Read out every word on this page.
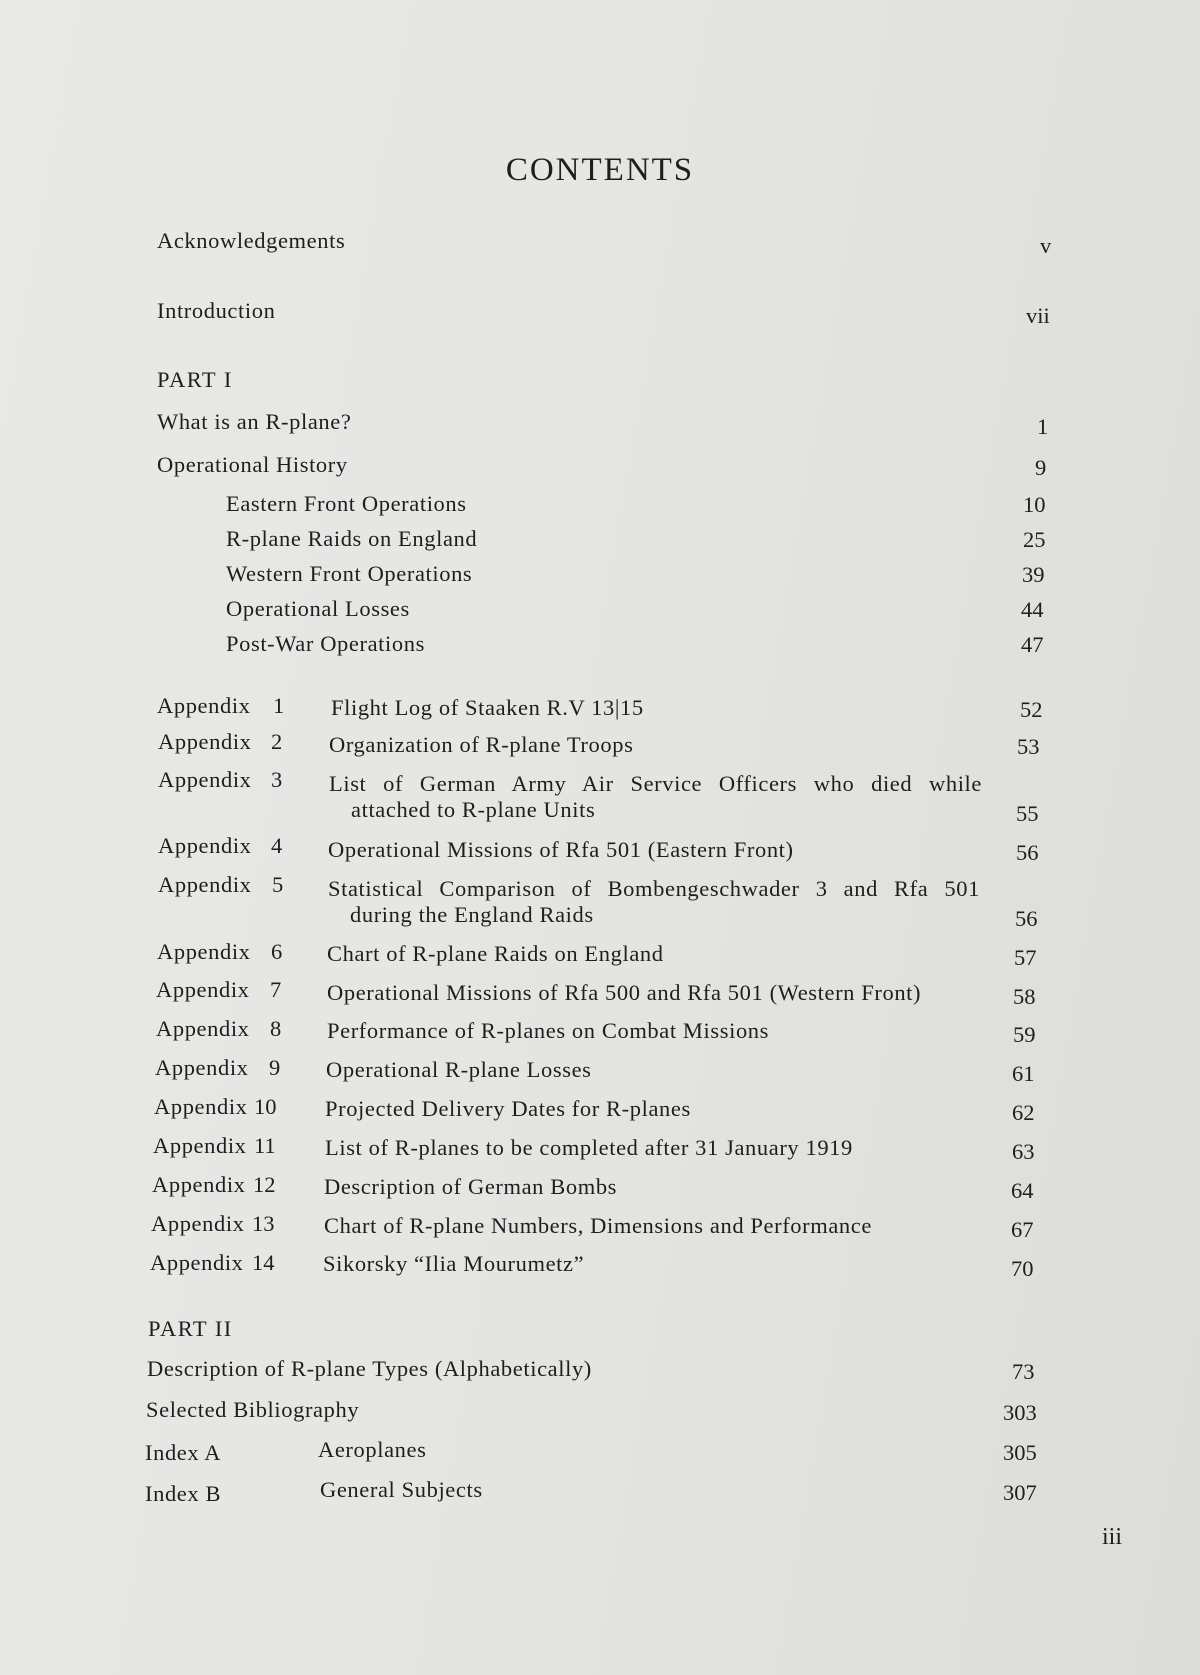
CONTENTS
Acknowledgements	v
Introduction	vii
PART I
What is an R-plane?	1
Operational History	9
Eastern Front Operations	10
R-plane Raids on England	25
Western Front Operations	39
Operational Losses	44
Post-War Operations	47
Appendix 1 Flight Log of Staaken R.V 13|15	52
Appendix 2 Organization of R-plane Troops	53
Appendix 3 List of German Army Air Service Officers who died while
attached to R-plane Units	55
Appendix 4 Operational Missions of Rfa 501 (Eastern Front)	56
Appendix 5 Statistical Comparison of Bombengeschwader 3 and Rfa 501
during the England Raids	56
Appendix 6 Chart of R-plane Raids on England	57
Appendix 7 Operational Missions of Rfa 500 and Rfa 501 (Western Front)	58
Appendix 8 Performance of R-planes on Combat Missions	59
Appendix 9 Operational R-plane Losses	61
Appendix 10 Projected Delivery Dates for R-planes	62
Appendix 11 List of R-planes to be completed after 31 January 1919	63
Appendix 12 Description of German Bombs	64
Appendix 13 Chart of R-plane Numbers, Dimensions and Performance	67
Appendix 14 Sikorsky “Ilia Mourumetz”	70
PART II
Description of R-plane Types (Alphabetically)	73
Selected Bibliography	303
Index A	Aeroplanes	305
Index B	General Subjects	307
iii
